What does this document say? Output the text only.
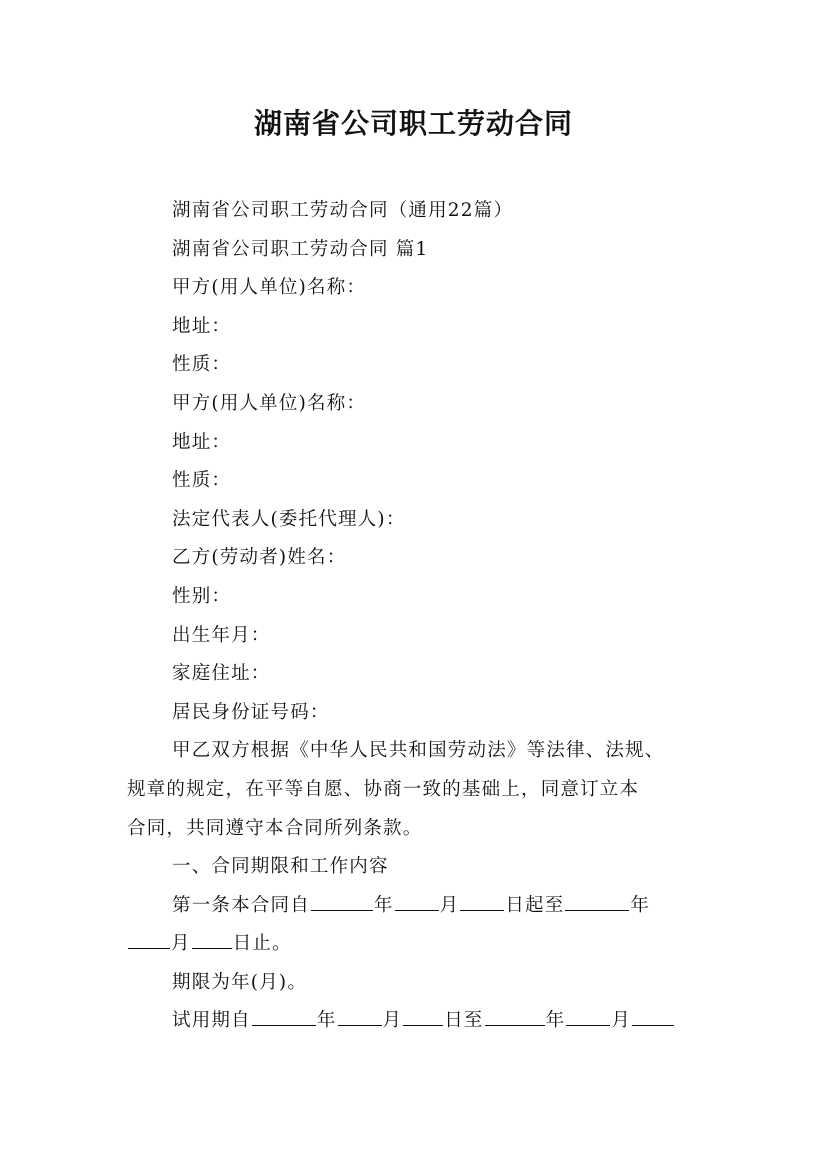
湖南省公司职工劳动合同
湖南省公司职工劳动合同（通用22篇）
湖南省公司职工劳动合同 篇1
甲方(用人单位)名称：
地址：
性质：
甲方(用人单位)名称：
地址：
性质：
法定代表人(委托代理人)：
乙方(劳动者)姓名：
性别：
出生年月：
家庭住址：
居民身份证号码：
甲乙双方根据《中华人民共和国劳动法》等法律、法规、
规章的规定，在平等自愿、协商一致的基础上，同意订立本
合同，共同遵守本合同所列条款。
一、合同期限和工作内容
第一条本合同自	年 月 日起至	年
月 日止。
期限为年(月)。
试用期自	年 月 日至	年 月
